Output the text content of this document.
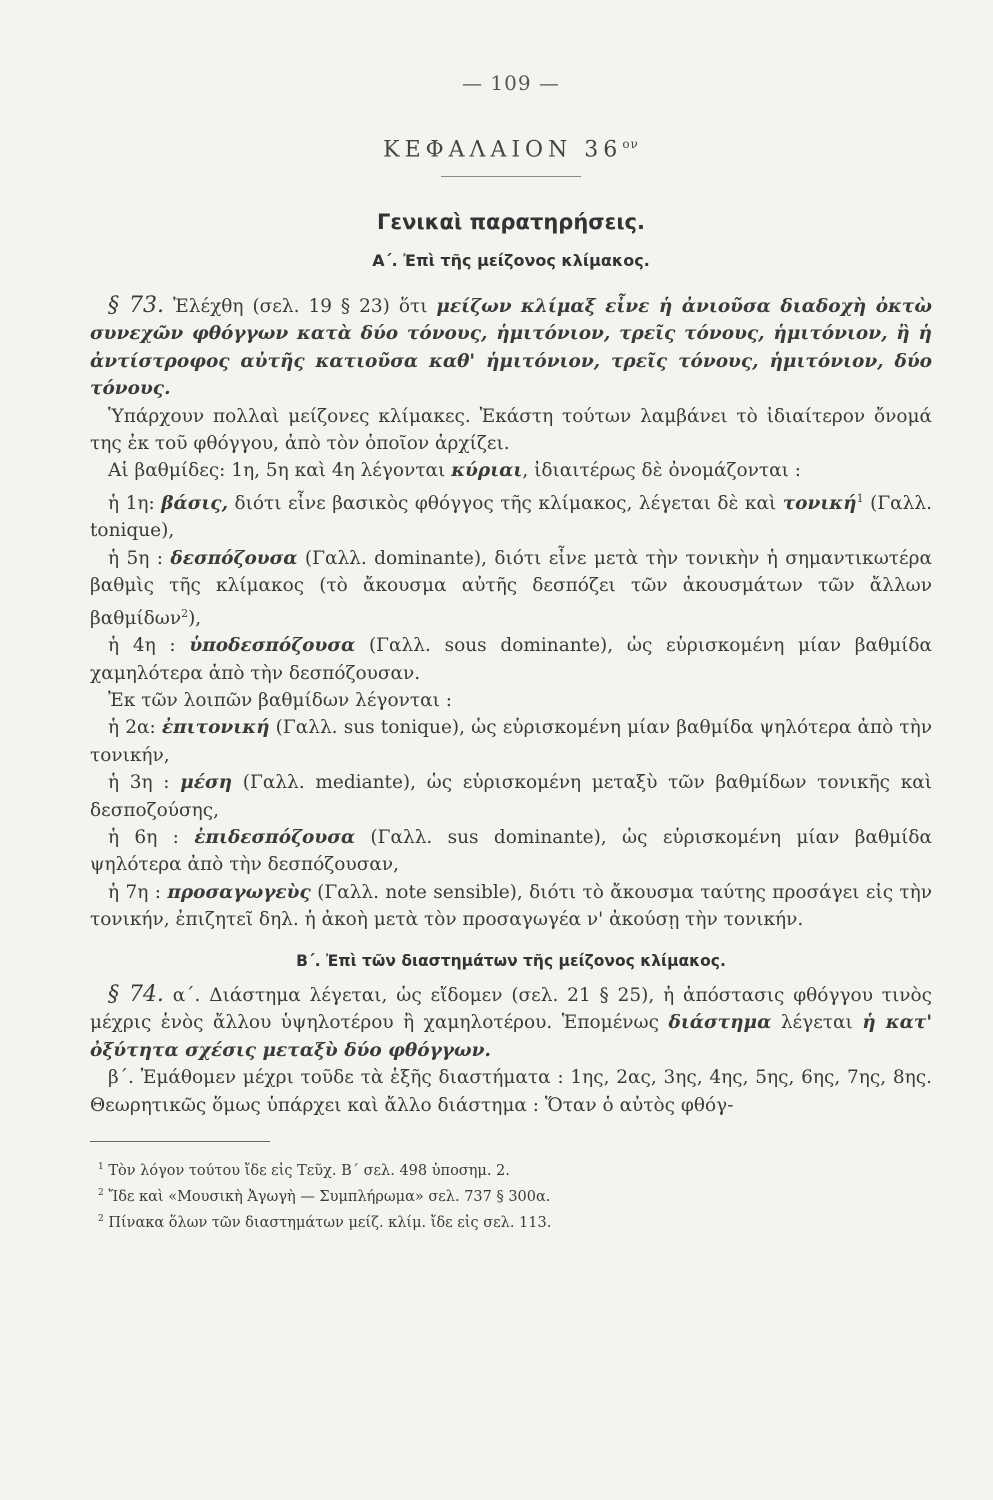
— 109 —
ΚΕΦΑΛΑΙΟΝ $36^{o\nu}$
Γενικαὶ παρατηρήσεις.
Α΄. Ἐπὶ τῆς μείζονος κλίμακος.

§ 73. Ἐλέχθη (σελ. 19 § 23) ὅτι μείζων κλίμαξ εἶνε ἡ ἀνιοῦσα διαδοχὴ ὀκτὼ συνεχῶν φθόγγων κατὰ δύο τόνους, ἡμιτόνιον, τρεῖς τόνους, ἡμιτόνιον, ἢ ἡ ἀντίστροφος αὐτῆς κατιοῦσα καθ' ἡμιτόνιον, τρεῖς τόνους, ἡμιτόνιον, δύο τόνους.

Ὑπάρχουν πολλαὶ μείζονες κλίμακες. Ἑκάστη τούτων λαμβάνει τὸ ἰδιαίτερον ὄνομά της ἐκ τοῦ φθόγγου, ἀπὸ τὸν ὁποῖον ἀρχίζει.

Αἱ βαθμίδες: 1η, 5η καὶ 4η λέγονται κύριαι, ἰδιαιτέρως δὲ ὀνομάζονται :

ἡ 1η: βάσις, διότι εἶνε βασικὸς φθόγγος τῆς κλίμακος, λέγεται δὲ καὶ τονική$^1$ (Γαλλ. tonique),

ἡ 5η : δεσπόζουσα (Γαλλ. dominante), διότι εἶνε μετὰ τὴν τονικὴν ἡ σημαντικωτέρα βαθμὶς τῆς κλίμακος (τὸ ἄκουσμα αὐτῆς δεσπόζει τῶν ἀκουσμάτων τῶν ἄλλων βαθμίδων$^2$),

ἡ 4η : ὑποδεσπόζουσα (Γαλλ. sous dominante), ὡς εὑρισκομένη μίαν βαθμίδα χαμηλότερα ἀπὸ τὴν δεσπόζουσαν.

Ἐκ τῶν λοιπῶν βαθμίδων λέγονται :

ἡ 2α: ἐπιτονική (Γαλλ. sus tonique), ὡς εὑρισκομένη μίαν βαθμίδα ψηλότερα ἀπὸ τὴν τονικήν,

ἡ 3η : μέση (Γαλλ. mediante), ὡς εὑρισκομένη μεταξὺ τῶν βαθμίδων τονικῆς καὶ δεσποζούσης,

ἡ 6η : ἐπιδεσπόζουσα (Γαλλ. sus dominante), ὡς εὑρισκομένη μίαν βαθμίδα ψηλότερα ἀπὸ τὴν δεσπόζουσαν,

ἡ 7η : προσαγωγεὺς (Γαλλ. note sensible), διότι τὸ ἄκουσμα ταύτης προσάγει εἰς τὴν τονικήν, ἐπιζητεῖ δηλ. ἡ ἀκοὴ μετὰ τὸν προσαγωγέα ν' ἀκούσῃ τὴν τονικήν.

Β΄. Ἐπὶ τῶν διαστημάτων τῆς μείζονος κλίμακος.

§ 74. α΄. Διάστημα λέγεται, ὡς εἴδομεν (σελ. 21 § 25), ἡ ἀπόστασις φθόγγου τινὸς μέχρις ἑνὸς ἄλλου ὑψηλοτέρου ἢ χαμηλοτέρου. Ἑπομένως διάστημα λέγεται ἡ κατ' ὀξύτητα σχέσις μεταξὺ δύο φθόγγων.

β΄. Ἐμάθομεν μέχρι τοῦδε τὰ ἑξῆς διαστήματα : 1ης, 2ας, 3ης, 4ης, 5ης, 6ης, 7ης, 8ης. Θεωρητικῶς ὅμως ὑπάρχει καὶ ἄλλο διάστημα : Ὅταν ὁ αὐτὸς φθόγ-

$^1$ Τὸν λόγον τούτου ἴδε εἰς Τεῦχ. Β΄ σελ. 498 ὑποσημ. 2.

$^2$ Ἴδε καὶ «Μουσικὴ Ἀγωγὴ — Συμπλήρωμα» σελ. 737 § 300α.

$^2$ Πίνακα ὅλων τῶν διαστημάτων μείζ. κλίμ. ἴδε εἰς σελ. 113.
